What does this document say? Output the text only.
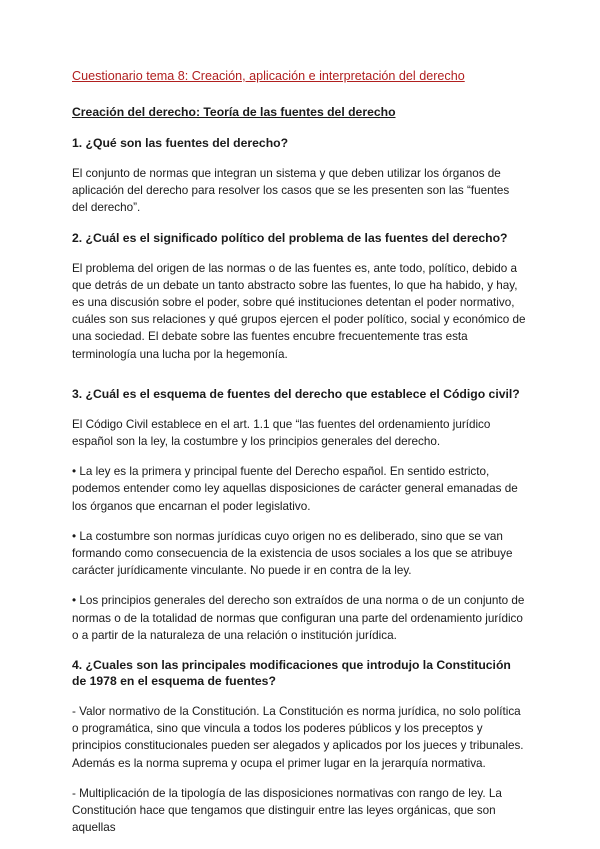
Cuestionario tema 8: Creación, aplicación e interpretación del derecho
Creación del derecho: Teoría de las fuentes del derecho
1. ¿Qué son las fuentes del derecho?

El conjunto de normas que integran un sistema y que deben utilizar los órganos de aplicación del derecho para resolver los casos que se les presenten son las “fuentes del derecho”.

2. ¿Cuál es el significado político del problema de las fuentes del derecho?

El problema del origen de las normas o de las fuentes es, ante todo, político, debido a que detrás de un debate un tanto abstracto sobre las fuentes, lo que ha habido, y hay, es una discusión sobre el poder, sobre qué instituciones detentan el poder normativo, cuáles son sus relaciones y qué grupos ejercen el poder político, social y económico de una sociedad. El debate sobre las fuentes encubre frecuentemente tras esta terminología una lucha por la hegemonía.

3. ¿Cuál es el esquema de fuentes del derecho que establece el Código civil?

El Código Civil establece en el art. 1.1 que “las fuentes del ordenamiento jurídico español son la ley, la costumbre y los principios generales del derecho.

• La ley es la primera y principal fuente del Derecho español. En sentido estricto, podemos entender como ley aquellas disposiciones de carácter general emanadas de los órganos que encarnan el poder legislativo.

• La costumbre son normas jurídicas cuyo origen no es deliberado, sino que se van formando como consecuencia de la existencia de usos sociales a los que se atribuye carácter jurídicamente vinculante. No puede ir en contra de la ley.

• Los principios generales del derecho son extraídos de una norma o de un conjunto de normas o de la totalidad de normas que configuran una parte del ordenamiento jurídico o a partir de la naturaleza de una relación o institución jurídica.

4. ¿Cuales son las principales modificaciones que introdujo la Constitución de 1978 en el esquema de fuentes?

- Valor normativo de la Constitución. La Constitución es norma jurídica, no solo política o programática, sino que vincula a todos los poderes públicos y los preceptos y principios constitucionales pueden ser alegados y aplicados por los jueces y tribunales. Además es la norma suprema y ocupa el primer lugar en la jerarquía normativa.

- Multiplicación de la tipología de las disposiciones normativas con rango de ley. La Constitución hace que tengamos que distinguir entre las leyes orgánicas, que son aquellas
